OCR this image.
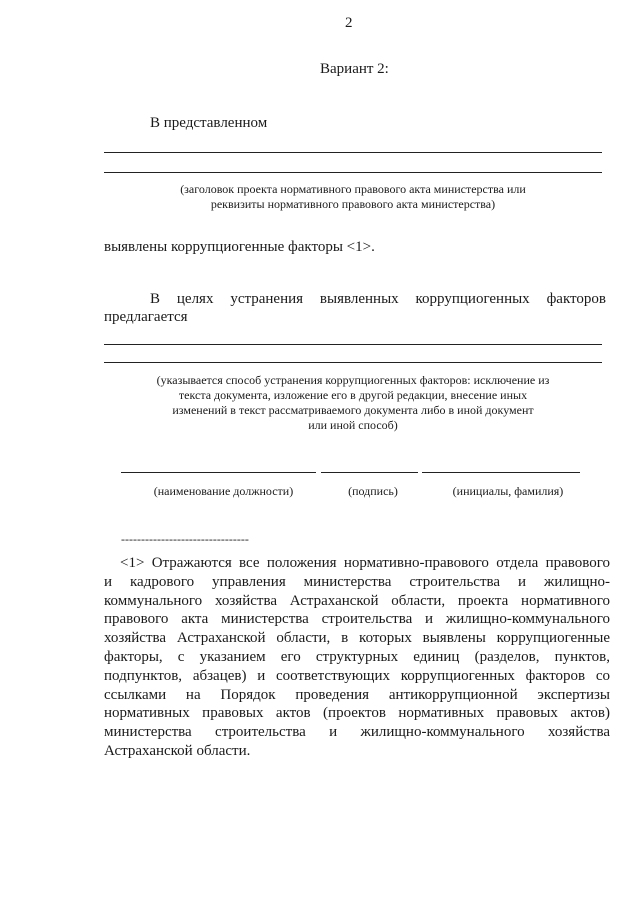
2
Вариант 2:
В представленном
(заголовок проекта нормативного правового акта министерства или
реквизиты нормативного правового акта министерства)
выявлены коррупциогенные факторы <1>.
В целях устранения выявленных коррупциогенных факторов
предлагается
(указывается способ устранения коррупциогенных факторов: исключение из
текста документа, изложение его в другой редакции, внесение иных
изменений в текст рассматриваемого документа либо в иной документ
или иной способ)
(наименование должности)	(подпись)	(инициалы, фамилия)
--------------------------------
<1> Отражаются все положения нормативно-правового отдела правового
и кадрового управления министерства строительства и жилищно-
коммунального хозяйства Астраханской области, проекта нормативного
правового акта министерства строительства и жилищно-коммунального
хозяйства Астраханской области, в которых выявлены коррупциогенные
факторы, с указанием его структурных единиц (разделов, пунктов,
подпунктов, абзацев) и соответствующих коррупциогенных факторов со
ссылками на Порядок проведения антикоррупционной экспертизы
нормативных правовых актов (проектов нормативных правовых актов)
министерства строительства и жилищно-коммунального хозяйства
Астраханской области.
